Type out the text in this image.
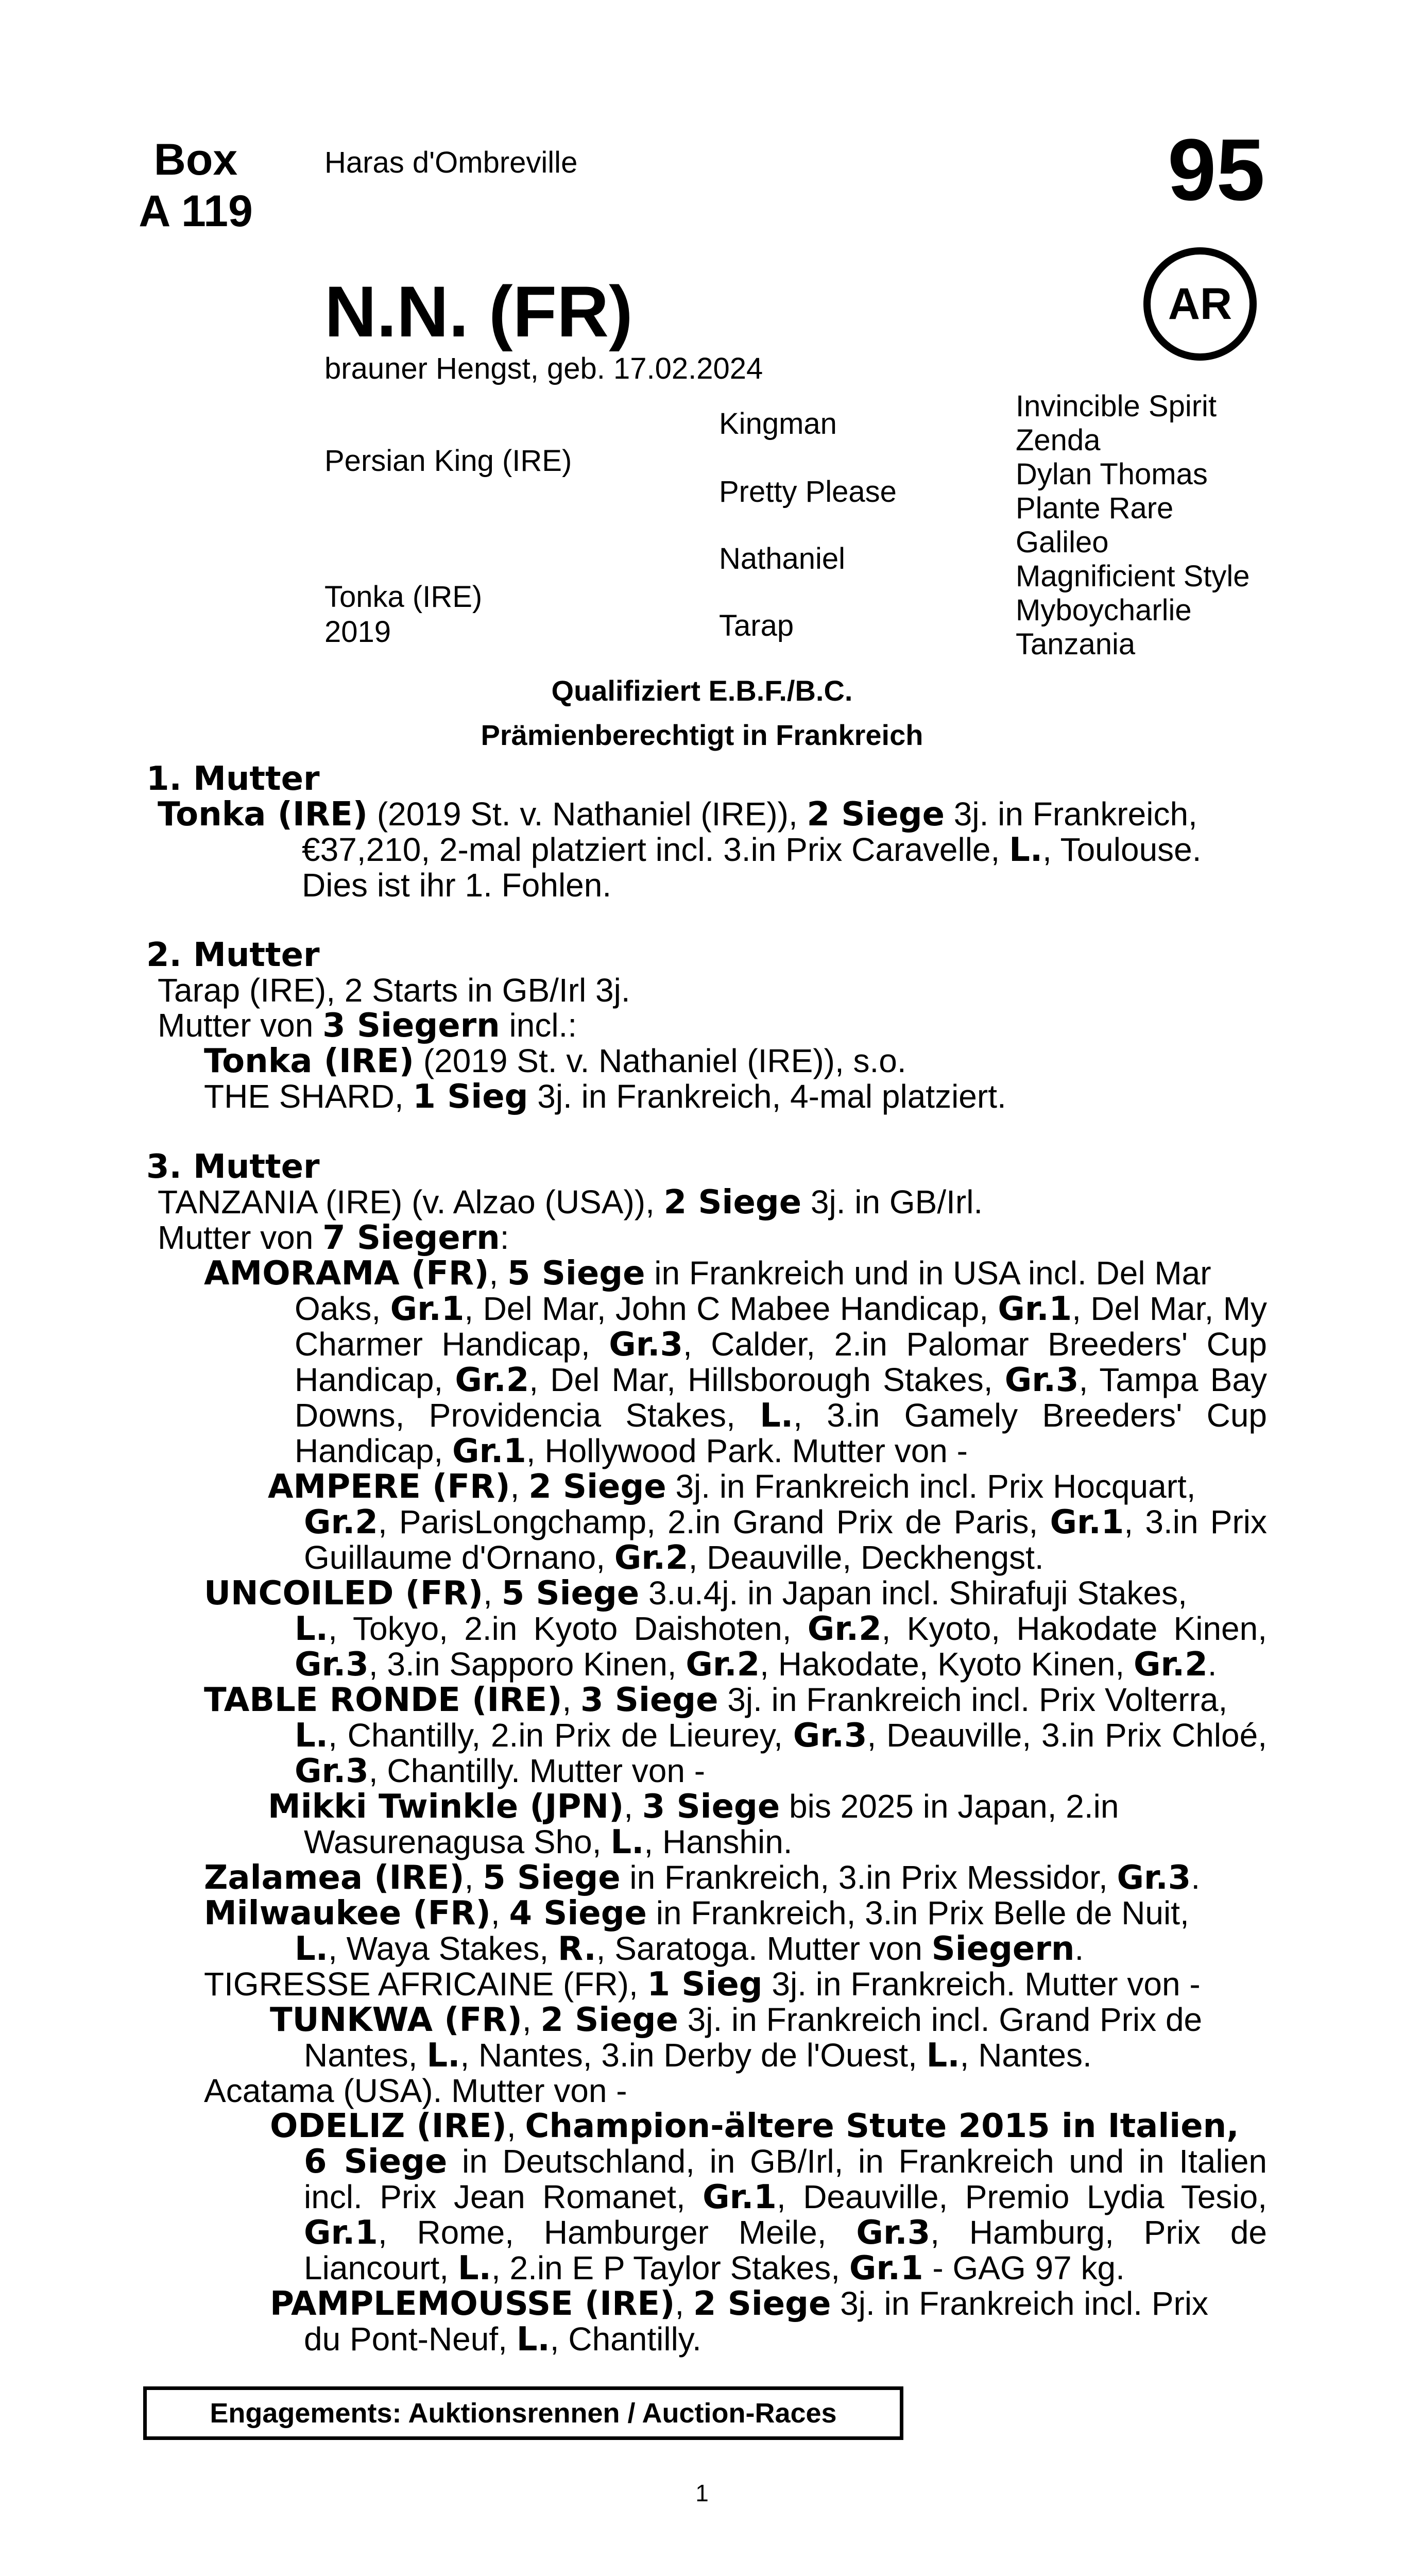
Box
A 119
Haras d'Ombreville	95
AR
N.N. (FR)
brauner Hengst, geb. 17.02.2024
Persian King (IRE)
Tonka (IRE)
2019
Kingman
Pretty Please
Nathaniel
Tarap
Invincible Spirit
Zenda
Dylan Thomas
Plante Rare
Galileo
Magnificient Style
Myboycharlie
Tanzania
Qualifiziert E.B.F./B.C.
Prämienberechtigt in Frankreich

1. Mutter

Tonka (IRE) (2019 St. v. Nathaniel (IRE)), 2 Siege 3j. in Frankreich,

€37,210, 2-mal platziert incl. 3.in Prix Caravelle, L., Toulouse.

Dies ist ihr 1. Fohlen.

2. Mutter

Tarap (IRE), 2 Starts in GB/Irl 3j.

Mutter von 3 Siegern incl.:

Tonka (IRE) (2019 St. v. Nathaniel (IRE)), s.o.

THE SHARD, 1 Sieg 3j. in Frankreich, 4-mal platziert.

3. Mutter

TANZANIA (IRE) (v. Alzao (USA)), 2 Siege 3j. in GB/Irl.

Mutter von 7 Siegern:

AMORAMA (FR), 5 Siege in Frankreich und in USA incl. Del Mar

Oaks, Gr.1, Del Mar, John C Mabee Handicap, Gr.1, Del Mar, My Charmer Handicap, Gr.3, Calder, 2.in Palomar Breeders' Cup Handicap, Gr.2, Del Mar, Hillsborough Stakes, Gr.3, Tampa Bay Downs, Providencia Stakes, L., 3.in Gamely Breeders' Cup Handicap, Gr.1, Hollywood Park. Mutter von -

AMPERE (FR), 2 Siege 3j. in Frankreich incl. Prix Hocquart,

Gr.2, ParisLongchamp, 2.in Grand Prix de Paris, Gr.1, 3.in Prix Guillaume d'Ornano, Gr.2, Deauville, Deckhengst.

UNCOILED (FR), 5 Siege 3.u.4j. in Japan incl. Shirafuji Stakes,

L., Tokyo, 2.in Kyoto Daishoten, Gr.2, Kyoto, Hakodate Kinen, Gr.3, 3.in Sapporo Kinen, Gr.2, Hakodate, Kyoto Kinen, Gr.2.

TABLE RONDE (IRE), 3 Siege 3j. in Frankreich incl. Prix Volterra,

L., Chantilly, 2.in Prix de Lieurey, Gr.3, Deauville, 3.in Prix Chloé, Gr.3, Chantilly. Mutter von -

Mikki Twinkle (JPN), 3 Siege bis 2025 in Japan, 2.in

Wasurenagusa Sho, L., Hanshin.

Zalamea (IRE), 5 Siege in Frankreich, 3.in Prix Messidor, Gr.3.

Milwaukee (FR), 4 Siege in Frankreich, 3.in Prix Belle de Nuit,

L., Waya Stakes, R., Saratoga. Mutter von Siegern.

TIGRESSE AFRICAINE (FR), 1 Sieg 3j. in Frankreich. Mutter von -

TUNKWA (FR), 2 Siege 3j. in Frankreich incl. Grand Prix de

Nantes, L., Nantes, 3.in Derby de l'Ouest, L., Nantes.

Acatama (USA). Mutter von -

ODELIZ (IRE), Champion-ältere Stute 2015 in Italien,

6 Siege in Deutschland, in GB/Irl, in Frankreich und in Italien incl. Prix Jean Romanet, Gr.1, Deauville, Premio Lydia Tesio, Gr.1, Rome, Hamburger Meile, Gr.3, Hamburg, Prix de Liancourt, L., 2.in E P Taylor Stakes, Gr.1 - GAG 97 kg.

PAMPLEMOUSSE (IRE), 2 Siege 3j. in Frankreich incl. Prix

du Pont-Neuf, L., Chantilly.

Engagements: Auktionsrennen / Auction-Races
1
